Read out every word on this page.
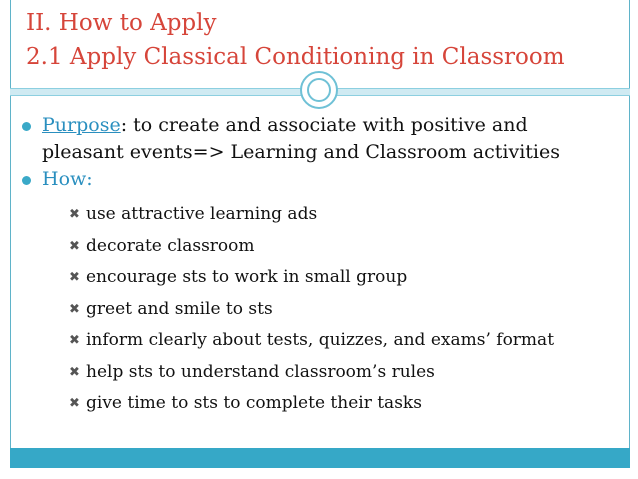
II. How to Apply
2.1 Apply Classical Conditioning in Classroom
Purpose: to create and associate with positive and
pleasant events=> Learning and Classroom activities
How:
✖ use attractive learning ads
✖ decorate classroom
✖ encourage sts to work in small group
✖ greet and smile to sts
✖ inform clearly about tests, quizzes, and exams’ format
✖ help sts to understand classroom’s rules
✖ give time to sts to complete their tasks
